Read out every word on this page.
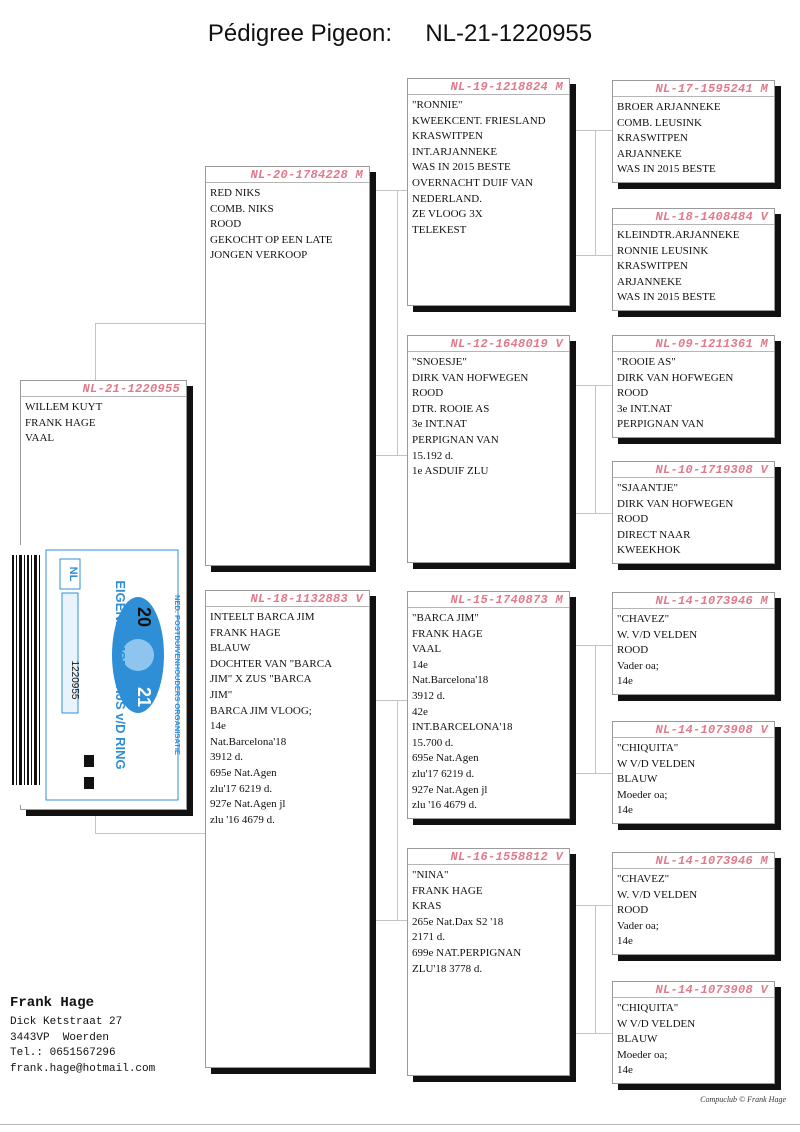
Pédigree Pigeon:     NL-21-1220955
NL-21-1220955
WILLEM KUYT
FRANK HAGE
VAAL
NL-20-1784228 M
RED NIKS
COMB. NIKS
ROOD
GEKOCHT OP EEN LATE
JONGEN VERKOOP
NL-18-1132883 V
INTEELT BARCA JIM
FRANK HAGE
BLAUW
DOCHTER VAN "BARCA
JIM" X ZUS "BARCA
JIM"
BARCA JIM VLOOG;
14e
Nat.Barcelona'18
3912 d.
695e Nat.Agen
zlu'17 6219 d.
927e Nat.Agen jl
zlu '16 4679 d.
NL-19-1218824 M
"RONNIE"
KWEEKCENT. FRIESLAND
KRASWITPEN
INT.ARJANNEKE
WAS IN 2015 BESTE
OVERNACHT DUIF VAN
NEDERLAND.
ZE VLOOG 3X
TELEKEST
NL-12-1648019 V
"SNOESJE"
DIRK VAN HOFWEGEN
ROOD
DTR. ROOIE AS
3e INT.NAT
PERPIGNAN VAN
15.192 d.
1e ASDUIF ZLU
NL-15-1740873 M
"BARCA JIM"
FRANK HAGE
VAAL
14e
Nat.Barcelona'18
3912 d.
42e
INT.BARCELONA'18
15.700 d.
695e Nat.Agen
zlu'17 6219 d.
927e Nat.Agen jl
zlu '16 4679 d.
NL-16-1558812 V
"NINA"
FRANK HAGE
KRAS
265e Nat.Dax S2 '18
2171 d.
699e NAT.PERPIGNAN
ZLU'18 3778 d.
NL-17-1595241 M
BROER ARJANNEKE
COMB. LEUSINK
KRASWITPEN
ARJANNEKE
WAS IN 2015 BESTE
NL-18-1408484 V
KLEINDTR.ARJANNEKE
RONNIE LEUSINK
KRASWITPEN
ARJANNEKE
WAS IN 2015 BESTE
NL-09-1211361 M
"ROOIE AS"
DIRK VAN HOFWEGEN
ROOD
3e INT.NAT
PERPIGNAN VAN
NL-10-1719308 V
"SJAANTJE"
DIRK VAN HOFWEGEN
ROOD
DIRECT NAAR
KWEEKHOK
NL-14-1073946 M
"CHAVEZ"
W. V/D VELDEN
ROOD
Vader oa;
14e
NL-14-1073908 V
"CHIQUITA"
W V/D VELDEN
BLAUW
Moeder oa;
14e
NL-14-1073946 M
"CHAVEZ"
W. V/D VELDEN
ROOD
Vader oa;
14e
NL-14-1073908 V
"CHIQUITA"
W V/D VELDEN
BLAUW
Moeder oa;
14e
NED. POSTDUIVENHOUDERS ORGANISATIE
EIGENDOMSBEWIJS v/D RING
NL
20
21
1220955
Frank Hage
Dick Ketstraat 27
3443VP  Woerden
Tel.: 0651567296
frank.hage@hotmail.com
Compuclub © Frank Hage
